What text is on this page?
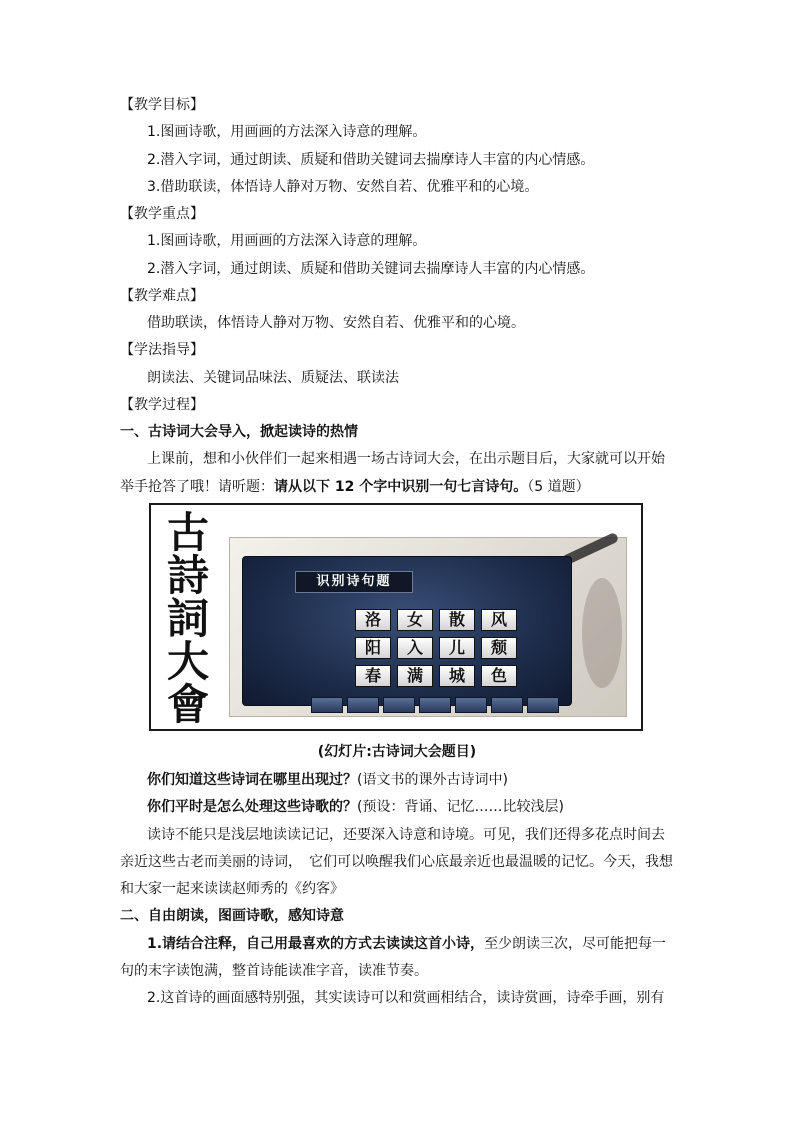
【教学目标】
1.图画诗歌，用画画的方法深入诗意的理解。
2.潜入字词，通过朗读、质疑和借助关键词去揣摩诗人丰富的内心情感。
3.借助联读，体悟诗人静对万物、安然自若、优雅平和的心境。
【教学重点】
1.图画诗歌，用画画的方法深入诗意的理解。
2.潜入字词，通过朗读、质疑和借助关键词去揣摩诗人丰富的内心情感。
【教学难点】
借助联读，体悟诗人静对万物、安然自若、优雅平和的心境。
【学法指导】
朗读法、关键词品味法、质疑法、联读法
【教学过程】
一、古诗词大会导入，掀起读诗的热情
上课前，想和小伙伴们一起来相遇一场古诗词大会，在出示题目后，大家就可以开始
举手抢答了哦！请听题：请从以下 12 个字中识别一句七言诗句。（5 道题）
古
詩
詞
大
會
识别诗句题
洛	女	散	风
阳	入	儿	颓
春	满	城	色
(幻灯片:古诗词大会题目)
你们知道这些诗词在哪里出现过？(语文书的课外古诗词中)
你们平时是怎么处理这些诗歌的？(预设：背诵、记忆……比较浅层)
读诗不能只是浅层地读读记记，还要深入诗意和诗境。可见，我们还得多花点时间去
亲近这些古老而美丽的诗词，　它们可以唤醒我们心底最亲近也最温暖的记忆。今天，我想
和大家一起来读读赵师秀的《约客》
二、自由朗读，图画诗歌，感知诗意
1.请结合注释，自己用最喜欢的方式去读读这首小诗，至少朗读三次，尽可能把每一
句的末字读饱满，整首诗能读准字音，读准节奏。
2.这首诗的画面感特别强，其实读诗可以和赏画相结合，读诗赏画，诗牵手画，别有
